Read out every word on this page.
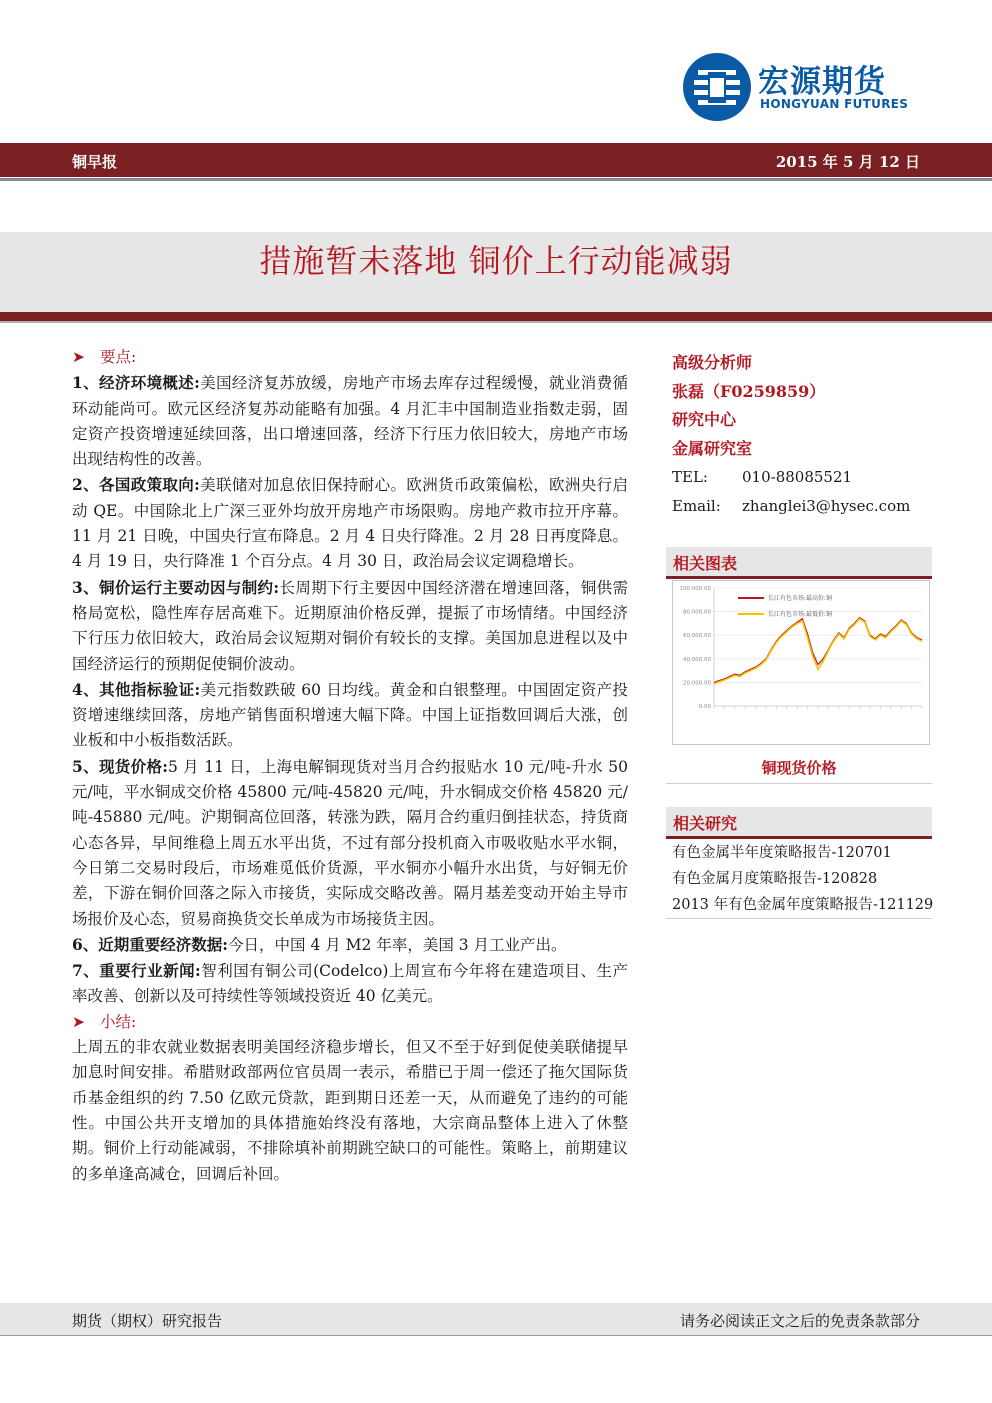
宏源期货
HONGYUAN FUTURES
铜早报	2015 年 5 月 12 日
措施暂未落地 铜价上行动能减弱

➤ 要点:

1、经济环境概述:美国经济复苏放缓，房地产市场去库存过程缓慢，就业消费循环动能尚可。欧元区经济复苏动能略有加强。4 月汇丰中国制造业指数走弱，固定资产投资增速延续回落，出口增速回落，经济下行压力依旧较大，房地产市场出现结构性的改善。

2、各国政策取向:美联储对加息依旧保持耐心。欧洲货币政策偏松，欧洲央行启动 QE。中国除北上广深三亚外均放开房地产市场限购。房地产救市拉开序幕。11 月 21 日晚，中国央行宣布降息。2 月 4 日央行降准。2 月 28 日再度降息。4 月 19 日，央行降准 1 个百分点。4 月 30 日，政治局会议定调稳增长。

3、铜价运行主要动因与制约:长周期下行主要因中国经济潜在增速回落，铜供需格局宽松，隐性库存居高难下。近期原油价格反弹，提振了市场情绪。中国经济下行压力依旧较大，政治局会议短期对铜价有较长的支撑。美国加息进程以及中国经济运行的预期促使铜价波动。

4、其他指标验证:美元指数跌破 60 日均线。黄金和白银整理。中国固定资产投资增速继续回落，房地产销售面积增速大幅下降。中国上证指数回调后大涨，创业板和中小板指数活跃。

5、现货价格:5 月 11 日，上海电解铜现货对当月合约报贴水 10 元/吨-升水 50 元/吨，平水铜成交价格 45800 元/吨-45820 元/吨，升水铜成交价格 45820 元/吨-45880 元/吨。沪期铜高位回落，转涨为跌，隔月合约重归倒挂状态，持货商心态各异，早间维稳上周五水平出货，不过有部分投机商入市吸收贴水平水铜，今日第二交易时段后，市场难觅低价货源，平水铜亦小幅升水出货，与好铜无价差，下游在铜价回落之际入市接货，实际成交略改善。隔月基差变动开始主导市场报价及心态，贸易商换货交长单成为市场接货主因。

6、近期重要经济数据:今日，中国 4 月 M2 年率，美国 3 月工业产出。

7、重要行业新闻:智利国有铜公司(Codelco)上周宣布今年将在建造项目、生产率改善、创新以及可持续性等领域投资近 40 亿美元。

➤ 小结:

上周五的非农就业数据表明美国经济稳步增长，但又不至于好到促使美联储提早加息时间安排。希腊财政部两位官员周一表示，希腊已于周一偿还了拖欠国际货币基金组织的约 7.50 亿欧元贷款，距到期日还差一天，从而避免了违约的可能性。中国公共开支增加的具体措施始终没有落地，大宗商品整体上进入了休整期。铜价上行动能减弱，不排除填补前期跳空缺口的可能性。策略上，前期建议的多单逢高减仓，回调后补回。

高级分析师
张磊（F0259859）
研究中心
金属研究室
TEL: 010-88085521
Email: zhanglei3@hysec.com
相关图表
100,000.00
80,000.00
60,000.00
40,000.00
20,000.00
0.00
长江有色市场:最高价:铜
长江有色市场:最低价:铜
铜现货价格
相关研究
有色金属半年度策略报告-120701
有色金属月度策略报告-120828
2013 年有色金属年度策略报告-121129
期货（期权）研究报告	请务必阅读正文之后的免责条款部分
